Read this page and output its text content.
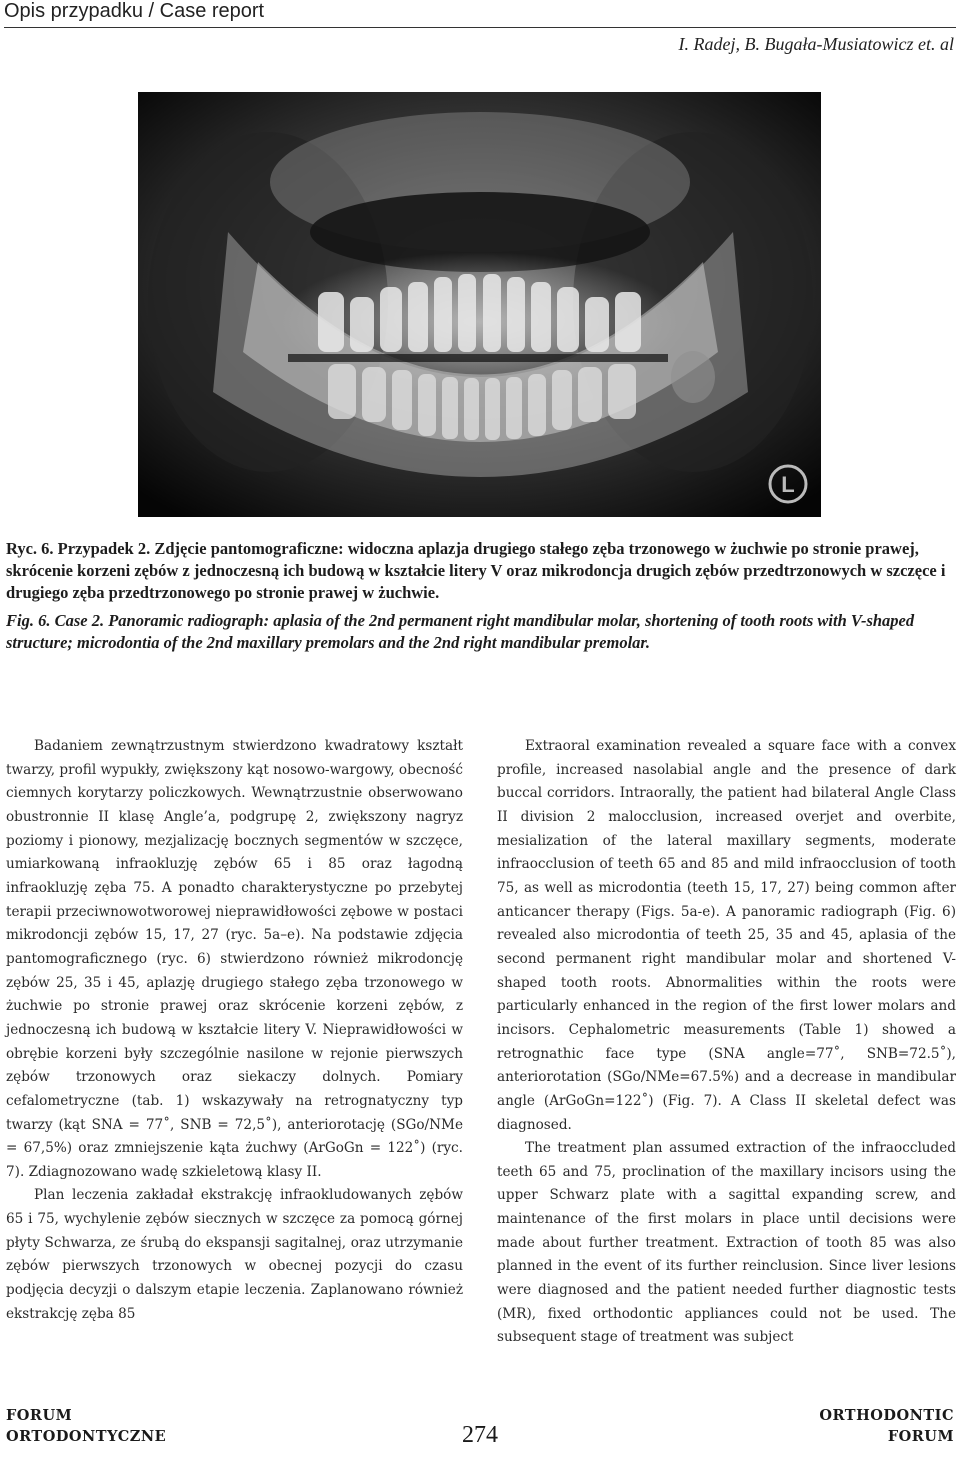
Opis przypadku / Case report
I. Radej, B. Bugała-Musiatowicz et. al
L
Ryc. 6. Przypadek 2. Zdjęcie pantomograficzne: widoczna aplazja drugiego stałego zęba trzonowego w żuchwie po stronie prawej, skrócenie korzeni zębów z jednoczesną ich budową w kształcie litery V oraz mikrodoncja drugich zębów przedtrzonowych w szczęce i drugiego zęba przedtrzonowego po stronie prawej w żuchwie.
Fig. 6. Case 2. Panoramic radiograph: aplasia of the 2nd permanent right mandibular molar, shortening of tooth roots with V-shaped structure; microdontia of the 2nd maxillary premolars and the 2nd right mandibular premolar.

Badaniem zewnątrzustnym stwierdzono kwadratowy kształt twarzy, profil wypukły, zwiększony kąt nosowo-wargowy, obecność ciemnych korytarzy policzkowych. Wewnątrzustnie obserwowano obustronnie II klasę Angle’a, podgrupę 2, zwiększony nagryz poziomy i pionowy, mezjalizację bocznych segmentów w szczęce, umiarkowaną infraokluzję zębów 65 i 85 oraz łagodną infraokluzję zęba 75. A ponadto charakterystyczne po przebytej terapii przeciwnowotworowej nieprawidłowości zębowe w postaci mikrodoncji zębów 15, 17, 27 (ryc. 5a–e). Na podstawie zdjęcia pantomograficznego (ryc. 6) stwierdzono również mikrodoncję zębów 25, 35 i 45, aplazję drugiego stałego zęba trzonowego w żuchwie po stronie prawej oraz skrócenie korzeni zębów, z jednoczesną ich budową w kształcie litery V. Nieprawidłowości w obrębie korzeni były szczególnie nasilone w rejonie pierwszych zębów trzonowych oraz siekaczy dolnych. Pomiary cefalometryczne (tab. 1) wskazywały na retrognatyczny typ twarzy (kąt SNA = 77˚, SNB = 72,5˚), anteriorotację (SGo/NMe = 67,5%) oraz zmniejszenie kąta żuchwy (ArGoGn = 122˚) (ryc. 7). Zdiagnozowano wadę szkieletową klasy II.

Plan leczenia zakładał ekstrakcję infraokludowanych zębów 65 i 75, wychylenie zębów siecznych w szczęce za pomocą górnej płyty Schwarza, ze śrubą do ekspansji sagitalnej, oraz utrzymanie zębów pierwszych trzonowych w obecnej pozycji do czasu podjęcia decyzji o dalszym etapie leczenia. Zaplanowano również ekstrakcję zęba 85

Extraoral examination revealed a square face with a convex profile, increased nasolabial angle and the presence of dark buccal corridors. Intraorally, the patient had bilateral Angle Class II division 2 malocclusion, increased overjet and overbite, mesialization of the lateral maxillary segments, moderate infraocclusion of teeth 65 and 85 and mild infraocclusion of tooth 75, as well as microdontia (teeth 15, 17, 27) being common after anticancer therapy (Figs. 5a-e). A panoramic radiograph (Fig. 6) revealed also microdontia of teeth 25, 35 and 45, aplasia of the second permanent right mandibular molar and shortened V-shaped tooth roots. Abnormalities within the roots were particularly enhanced in the region of the first lower molars and incisors. Cephalometric measurements (Table 1) showed a retrognathic face type (SNA angle=77˚, SNB=72.5˚), anteriorotation (SGo/NMe=67.5%) and a decrease in mandibular angle (ArGoGn=122˚) (Fig. 7). A Class II skeletal defect was diagnosed.

The treatment plan assumed extraction of the infraoccluded teeth 65 and 75, proclination of the maxillary incisors using the upper Schwarz plate with a sagittal expanding screw, and maintenance of the first molars in place until decisions were made about further treatment. Extraction of tooth 85 was also planned in the event of its further reinclusion. Since liver lesions were diagnosed and the patient needed further diagnostic tests (MR), fixed orthodontic appliances could not be used. The subsequent stage of treatment was subject

FORUM
ORTODONTYCZNE	274
ORTHODONTIC
FORUM
